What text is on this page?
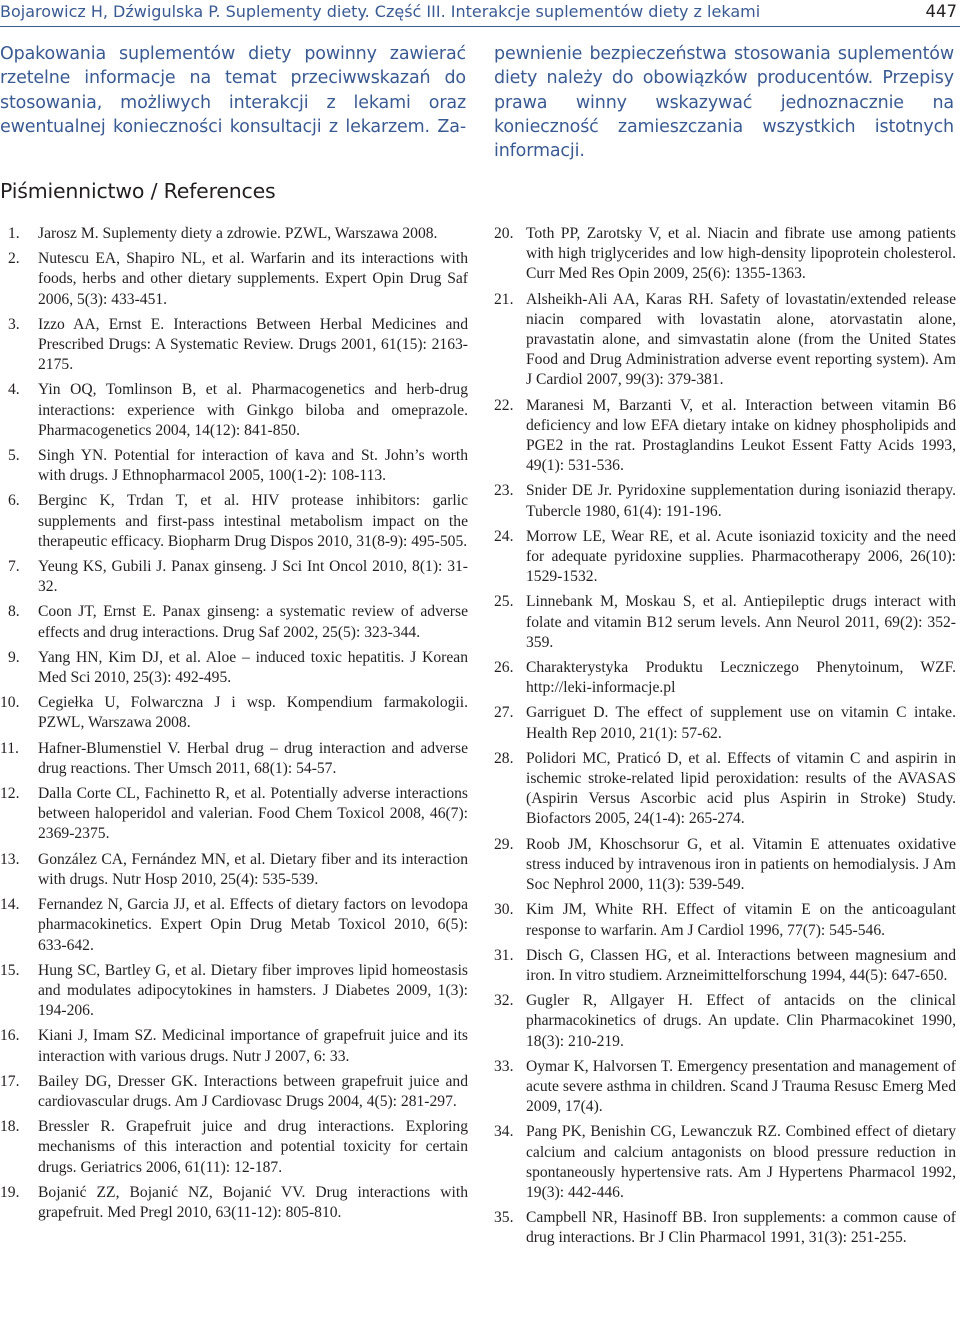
Bojarowicz H, Dźwigulska P. Suplementy diety. Część III. Interakcje suplementów diety z lekami	447

Opakowania suplementów diety powinny zawierać rzetelne informacje na temat przeciwwskazań do stosowania, możliwych interakcji z lekami oraz ewentualnej konieczności konsultacji z lekarzem. Za-

pewnienie bezpieczeństwa stosowania suplementów diety należy do obowiązków producentów. Przepisy prawa winny wskazywać jednoznacznie na konieczność zamieszczania wszystkich istotnych informacji.

Piśmiennictwo / References
1. Jarosz M. Suplementy diety a zdrowie. PZWL, Warszawa 2008.
2. Nutescu EA, Shapiro NL, et al. Warfarin and its interactions with foods, herbs and other dietary supplements. Expert Opin Drug Saf 2006, 5(3): 433-451.
3. Izzo AA, Ernst E. Interactions Between Herbal Medicines and Prescribed Drugs: A Systematic Review. Drugs 2001, 61(15): 2163-2175.
4. Yin OQ, Tomlinson B, et al. Pharmacogenetics and herb-drug interactions: experience with Ginkgo biloba and omeprazole. Pharmacogenetics 2004, 14(12): 841-850.
5. Singh YN. Potential for interaction of kava and St. John’s worth with drugs. J Ethnopharmacol 2005, 100(1-2): 108-113.
6. Berginc K, Trdan T, et al. HIV protease inhibitors: garlic supplements and first-pass intestinal metabolism impact on the therapeutic efficacy. Biopharm Drug Dispos 2010, 31(8-9): 495-505.
7. Yeung KS, Gubili J. Panax ginseng. J Sci Int Oncol 2010, 8(1): 31-32.
8. Coon JT, Ernst E. Panax ginseng: a systematic review of adverse effects and drug interactions. Drug Saf 2002, 25(5): 323-344.
9. Yang HN, Kim DJ, et al. Aloe – induced toxic hepatitis. J Korean Med Sci 2010, 25(3): 492-495.
10. Cegiełka U, Folwarczna J i wsp. Kompendium farmakologii. PZWL, Warszawa 2008.
11. Hafner-Blumenstiel V. Herbal drug – drug interaction and adverse drug reactions. Ther Umsch 2011, 68(1): 54-57.
12. Dalla Corte CL, Fachinetto R, et al. Potentially adverse interactions between haloperidol and valerian. Food Chem Toxicol 2008, 46(7): 2369-2375.
13. González CA, Fernández MN, et al. Dietary fiber and its interaction with drugs. Nutr Hosp 2010, 25(4): 535-539.
14. Fernandez N, Garcia JJ, et al. Effects of dietary factors on levodopa pharmacokinetics. Expert Opin Drug Metab Toxicol 2010, 6(5): 633-642.
15. Hung SC, Bartley G, et al. Dietary fiber improves lipid homeostasis and modulates adipocytokines in hamsters. J Diabetes 2009, 1(3): 194-206.
16. Kiani J, Imam SZ. Medicinal importance of grapefruit juice and its interaction with various drugs. Nutr J 2007, 6: 33.
17. Bailey DG, Dresser GK. Interactions between grapefruit juice and cardiovascular drugs. Am J Cardiovasc Drugs 2004, 4(5): 281-297.
18. Bressler R. Grapefruit juice and drug interactions. Exploring mechanisms of this interaction and potential toxicity for certain drugs. Geriatrics 2006, 61(11): 12-187.
19. Bojanić ZZ, Bojanić NZ, Bojanić VV. Drug interactions with grapefruit. Med Pregl 2010, 63(11-12): 805-810.
20. Toth PP, Zarotsky V, et al. Niacin and fibrate use among patients with high triglycerides and low high-density lipoprotein cholesterol. Curr Med Res Opin 2009, 25(6): 1355-1363.
21. Alsheikh-Ali AA, Karas RH. Safety of lovastatin/extended release niacin compared with lovastatin alone, atorvastatin alone, pravastatin alone, and simvastatin alone (from the United States Food and Drug Administration adverse event reporting system). Am J Cardiol 2007, 99(3): 379-381.
22. Maranesi M, Barzanti V, et al. Interaction between vitamin B6 deficiency and low EFA dietary intake on kidney phospholipids and PGE2 in the rat. Prostaglandins Leukot Essent Fatty Acids 1993, 49(1): 531-536.
23. Snider DE Jr. Pyridoxine supplementation during isoniazid therapy. Tubercle 1980, 61(4): 191-196.
24. Morrow LE, Wear RE, et al. Acute isoniazid toxicity and the need for adequate pyridoxine supplies. Pharmacotherapy 2006, 26(10): 1529-1532.
25. Linnebank M, Moskau S, et al. Antiepileptic drugs interact with folate and vitamin B12 serum levels. Ann Neurol 2011, 69(2): 352-359.
26. Charakterystyka Produktu Leczniczego Phenytoinum, WZF. http://leki-informacje.pl
27. Garriguet D. The effect of supplement use on vitamin C intake. Health Rep 2010, 21(1): 57-62.
28. Polidori MC, Praticó D, et al. Effects of vitamin C and aspirin in ischemic stroke-related lipid peroxidation: results of the AVASAS (Aspirin Versus Ascorbic acid plus Aspirin in Stroke) Study. Biofactors 2005, 24(1-4): 265-274.
29. Roob JM, Khoschsorur G, et al. Vitamin E attenuates oxidative stress induced by intravenous iron in patients on hemodialysis. J Am Soc Nephrol 2000, 11(3): 539-549.
30. Kim JM, White RH. Effect of vitamin E on the anticoagulant response to warfarin. Am J Cardiol 1996, 77(7): 545-546.
31. Disch G, Classen HG, et al. Interactions between magnesium and iron. In vitro studiem. Arzneimittelforschung 1994, 44(5): 647-650.
32. Gugler R, Allgayer H. Effect of antacids on the clinical pharmacokinetics of drugs. An update. Clin Pharmacokinet 1990, 18(3): 210-219.
33. Oymar K, Halvorsen T. Emergency presentation and management of acute severe asthma in children. Scand J Trauma Resusc Emerg Med 2009, 17(4).
34. Pang PK, Benishin CG, Lewanczuk RZ. Combined effect of dietary calcium and calcium antagonists on blood pressure reduction in spontaneously hypertensive rats. Am J Hypertens Pharmacol 1992, 19(3): 442-446.
35. Campbell NR, Hasinoff BB. Iron supplements: a common cause of drug interactions. Br J Clin Pharmacol 1991, 31(3): 251-255.
